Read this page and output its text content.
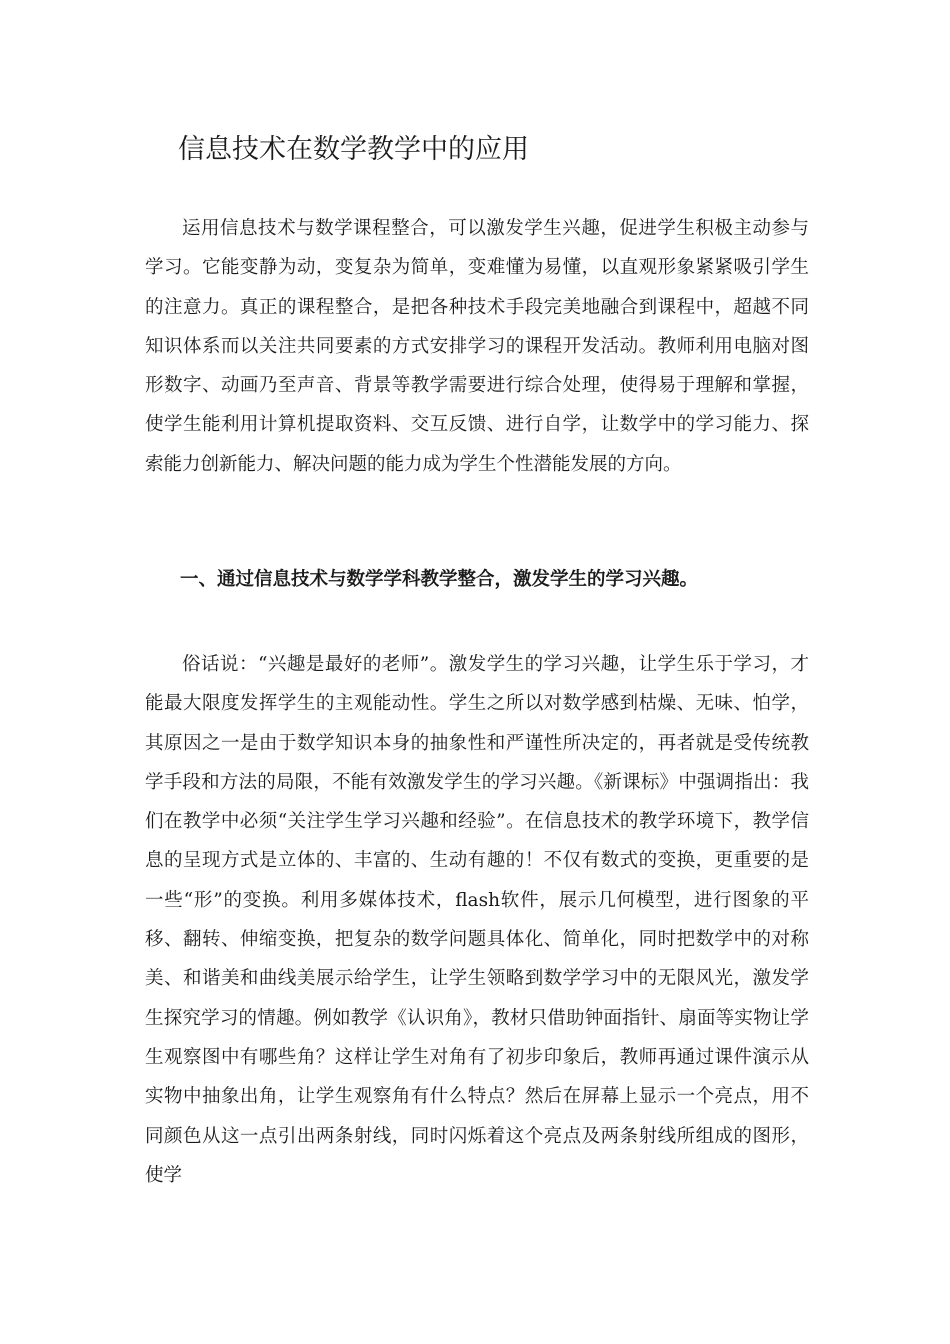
信息技术在数学教学中的应用

运用信息技术与数学课程整合，可以激发学生兴趣，促进学生积极主动参与学习。它能变静为动，变复杂为简单，变难懂为易懂，以直观形象紧紧吸引学生的注意力。真正的课程整合，是把各种技术手段完美地融合到课程中，超越不同知识体系而以关注共同要素的方式安排学习的课程开发活动。教师利用电脑对图形数字、动画乃至声音、背景等教学需要进行综合处理，使得易于理解和掌握，使学生能利用计算机提取资料、交互反馈、进行自学，让数学中的学习能力、探索能力创新能力、解决问题的能力成为学生个性潜能发展的方向。

一、通过信息技术与数学学科教学整合，激发学生的学习兴趣。

俗话说：“兴趣是最好的老师”。激发学生的学习兴趣，让学生乐于学习，才能最大限度发挥学生的主观能动性。学生之所以对数学感到枯燥、无味、怕学，其原因之一是由于数学知识本身的抽象性和严谨性所决定的，再者就是受传统教学手段和方法的局限，不能有效激发学生的学习兴趣。《新课标》中强调指出：我们在教学中必须“关注学生学习兴趣和经验”。在信息技术的教学环境下，教学信息的呈现方式是立体的、丰富的、生动有趣的！不仅有数式的变换，更重要的是一些“形”的变换。利用多媒体技术，flash软件，展示几何模型，进行图象的平移、翻转、伸缩变换，把复杂的数学问题具体化、简单化，同时把数学中的对称美、和谐美和曲线美展示给学生，让学生领略到数学学习中的无限风光，激发学生探究学习的情趣。例如教学《认识角》，教材只借助钟面指针、扇面等实物让学生观察图中有哪些角？这样让学生对角有了初步印象后，教师再通过课件演示从实物中抽象出角，让学生观察角有什么特点？然后在屏幕上显示一个亮点，用不同颜色从这一点引出两条射线，同时闪烁着这个亮点及两条射线所组成的图形，使学
